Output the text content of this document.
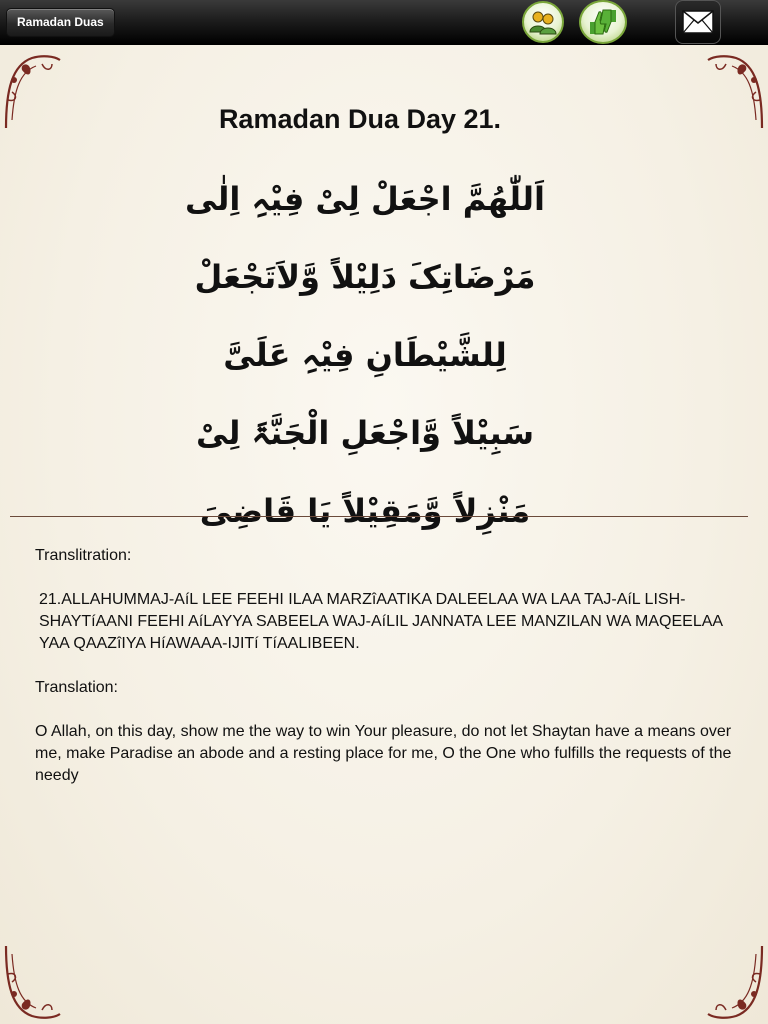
Ramadan Duas
Ramadan Dua Day 21.
اَللّٰهُمَّ اجْعَلْ لِیْ فِیْہِ اِلٰی
مَرْضَاتِکَ دَلِیْلاً وَّلاَتَجْعَلْ
لِلشَّیْطَانِ فِیْہِ عَلَیَّ
سَبِیْلاً وَّاجْعَلِ الْجَنَّۃَ لِیْ
مَنْزِلاً وَّمَقِیْلاً یَا قَاضِیَ

Translitration:

21.ALLAHUMMAJ-AíL LEE FEEHI ILAA MARZîAATIKA DALEELAA WA LAA TAJ-AíL LISH-SHAYTíAANI FEEHI AíLAYYA SABEELA WAJ-AíLIL JANNATA LEE MANZILAN WA MAQEELAA YAA QAAZîIYA HíAWAAA-IJITí TíAALIBEEN.

Translation:

O Allah, on this day, show me the way to win Your pleasure, do not let Shaytan have a means over me, make Paradise an abode and a resting place for me, O the One who fulfills the requests of the needy
